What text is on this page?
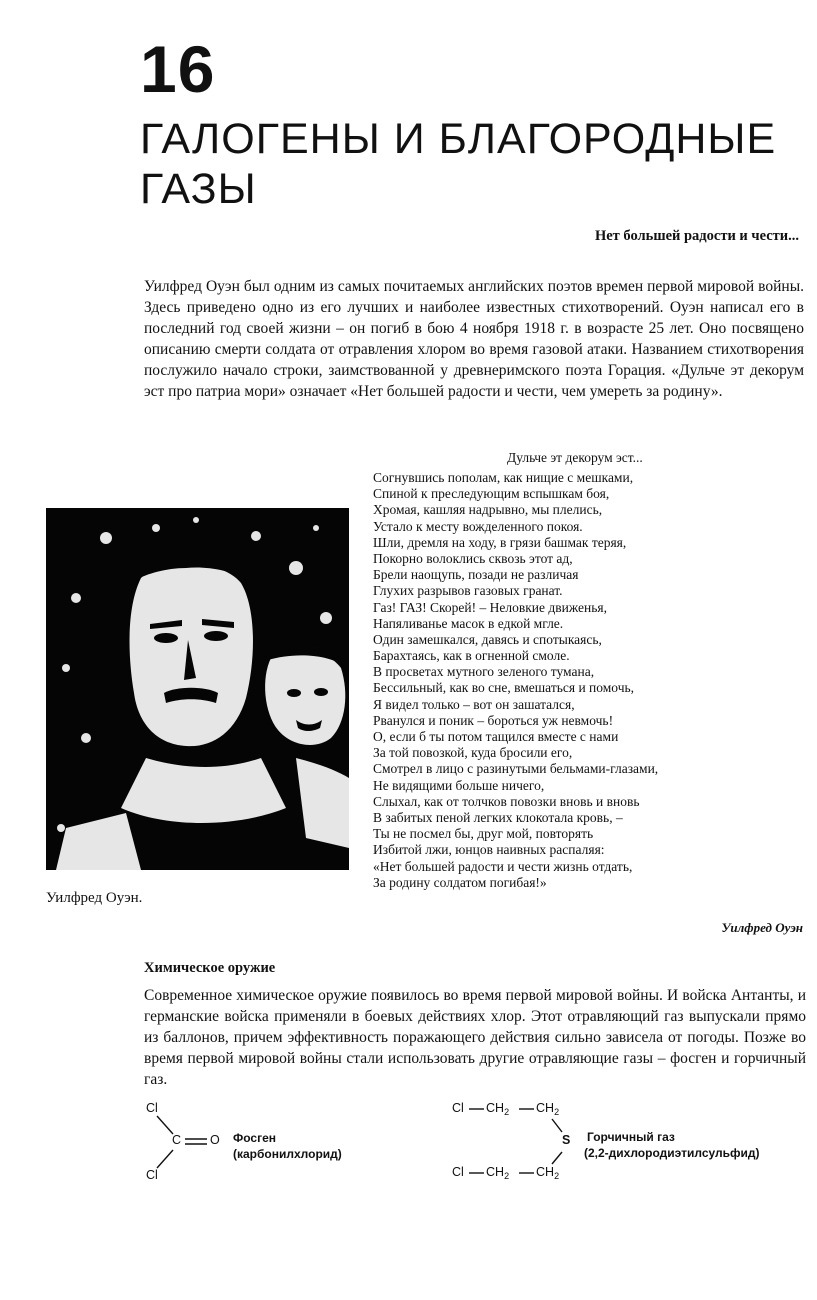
16
ГАЛОГЕНЫ И БЛАГОРОДНЫЕ
ГАЗЫ
Нет большей радости и чести...

Уилфред Оуэн был одним из самых почитаемых английских поэтов времен первой мировой войны. Здесь приведено одно из его лучших и наиболее известных стихотворений. Оуэн написал его в последний год своей жизни – он погиб в бою 4 ноября 1918 г. в возрасте 25 лет. Оно посвящено описанию смерти солдата от отравления хлором во время газовой атаки. Названием стихотворения послужило начало строки, заимствованной у древнеримского поэта Горация. «Дульче эт декорум эст про патриа мори» означает «Нет большей радости и чести, чем умереть за родину».

Уилфред Оуэн.
Дульче эт декорум эст...
Согнувшись пополам, как нищие с мешками,
Спиной к преследующим вспышкам боя,
Хромая, кашляя надрывно, мы плелись,
Устало к месту вожделенного покоя.
Шли, дремля на ходу, в грязи башмак теряя,
Покорно волоклись сквозь этот ад,
Брели наощупь, позади не различая
Глухих разрывов газовых гранат.
Газ! ГАЗ! Скорей! – Неловкие движенья,
Напяливанье масок в едкой мгле.
Один замешкался, давясь и спотыкаясь,
Барахтаясь, как в огненной смоле.
В просветах мутного зеленого тумана,
Бессильный, как во сне, вмешаться и помочь,
Я видел только – вот он зашатался,
Рванулся и поник – бороться уж невмочь!
О, если б ты потом тащился вместе с нами
За той повозкой, куда бросили его,
Смотрел в лицо с разинутыми бельмами-глазами,
Не видящими больше ничего,
Слыхал, как от толчков повозки вновь и вновь
В забитых пеной легких клокотала кровь, –
Ты не посмел бы, друг мой, повторять
Избитой лжи, юнцов наивных распаляя:
«Нет большей радости и чести жизнь отдать,
За родину солдатом погибая!»
Уилфред Оуэн
Химическое оружие

Современное химическое оружие появилось во время первой мировой войны. И войска Антанты, и германские войска применяли в боевых действиях хлор. Этот отравляющий газ выпускали прямо из баллонов, причем эффективность поражающего действия сильно зависела от погоды. Позже во время первой мировой войны стали использовать другие отравляющие газы – фосген и горчичный газ.

Cl
C O
Cl
Фосген
(карбонилхлорид)
Cl $CH_2$ $CH_2$
S
Cl $CH_2$ $CH_2$
Горчичный газ
(2,2-дихлородиэтилсульфид)
